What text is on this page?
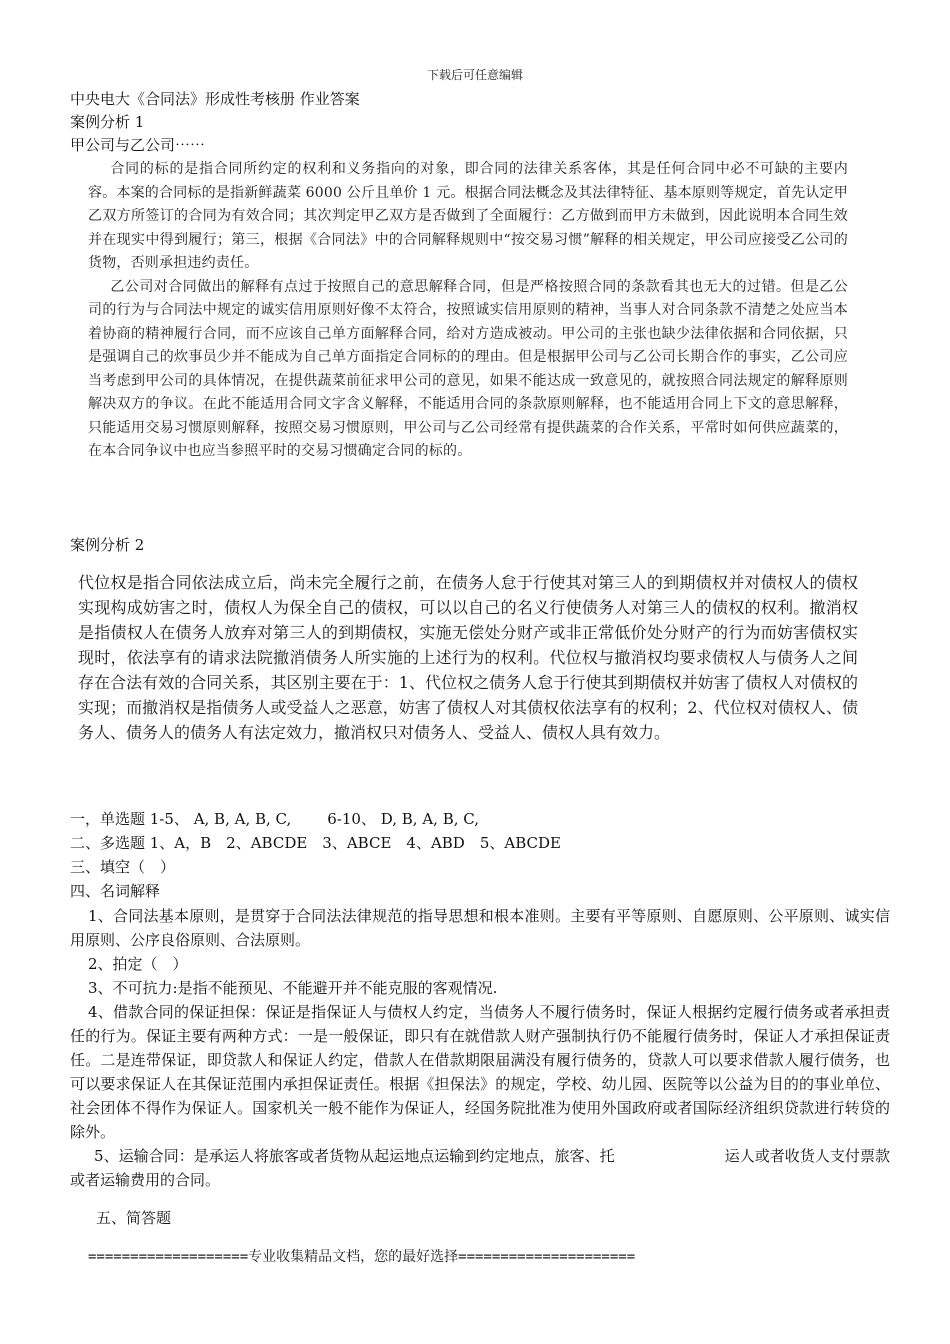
下载后可任意编辑
中央电大《合同法》形成性考核册 作业答案
案例分析 1
甲公司与乙公司⋯⋯

合同的标的是指合同所约定的权利和义务指向的对象，即合同的法律关系客体，其是任何合同中必不可缺的主要内容。本案的合同标的是指新鲜蔬菜 6000 公斤且单价 1 元。根据合同法概念及其法律特征、基本原则等规定，首先认定甲乙双方所签订的合同为有效合同；其次判定甲乙双方是否做到了全面履行：乙方做到而甲方未做到，因此说明本合同生效并在现实中得到履行；第三，根据《合同法》中的合同解释规则中“按交易习惯”解释的相关规定，甲公司应接受乙公司的货物，否则承担违约责任。

乙公司对合同做出的解释有点过于按照自己的意思解释合同，但是严格按照合同的条款看其也无大的过错。但是乙公司的行为与合同法中规定的诚实信用原则好像不太符合，按照诚实信用原则的精神，当事人对合同条款不清楚之处应当本着协商的精神履行合同，而不应该自己单方面解释合同，给对方造成被动。甲公司的主张也缺少法律依据和合同依据，只是强调自己的炊事员少并不能成为自己单方面指定合同标的的理由。但是根据甲公司与乙公司长期合作的事实，乙公司应当考虑到甲公司的具体情况，在提供蔬菜前征求甲公司的意见，如果不能达成一致意见的，就按照合同法规定的解释原则解决双方的争议。在此不能适用合同文字含义解释，不能适用合同的条款原则解释，也不能适用合同上下文的意思解释，只能适用交易习惯原则解释，按照交易习惯原则，甲公司与乙公司经常有提供蔬菜的合作关系，平常时如何供应蔬菜的，在本合同争议中也应当参照平时的交易习惯确定合同的标的。

案例分析 2

代位权是指合同依法成立后，尚未完全履行之前，在债务人怠于行使其对第三人的到期债权并对债权人的债权实现构成妨害之时，债权人为保全自己的债权，可以以自己的名义行使债务人对第三人的债权的权利。撤消权是指债权人在债务人放弃对第三人的到期债权，实施无偿处分财产或非正常低价处分财产的行为而妨害债权实现时，依法享有的请求法院撤消债务人所实施的上述行为的权利。代位权与撤消权均要求债权人与债务人之间存在合法有效的合同关系，其区别主要在于：1、代位权之债务人怠于行使其到期债权并妨害了债权人对债权的实现；而撤消权是指债务人或受益人之恶意，妨害了债权人对其债权依法享有的权利；2、代位权对债权人、债务人、债务人的债务人有法定效力，撤消权只对债务人、受益人、债权人具有效力。

一，单选题 1-5、 A, B, A, B, C, 6-10、 D, B, A, B, C,
二、多选题 1、A，B　2、ABCDE　3、ABCE　4、ABD　5、ABCDE
三、填空（　）
四、名词解释

1、合同法基本原则，是贯穿于合同法法律规范的指导思想和根本准则。主要有平等原则、自愿原则、公平原则、诚实信用原则、公序良俗原则、合法原则。

2、拍定（　）

3、不可抗力:是指不能预见、不能避开并不能克服的客观情况.

4、借款合同的保证担保：保证是指保证人与债权人约定，当债务人不履行债务时，保证人根据约定履行债务或者承担责任的行为。保证主要有两种方式：一是一般保证，即只有在就借款人财产强制执行仍不能履行债务时，保证人才承担保证责任。二是连带保证，即贷款人和保证人约定，借款人在借款期限届满没有履行债务的，贷款人可以要求借款人履行债务，也可以要求保证人在其保证范围内承担保证责任。根据《担保法》的规定，学校、幼儿园、医院等以公益为目的的事业单位、社会团体不得作为保证人。国家机关一般不能作为保证人，经国务院批准为使用外国政府或者国际经济组织贷款进行转贷的除外。

5、运输合同：是承运人将旅客或者货物从起运地点运输到约定地点，旅客、托	运人或者收货人支付票款或者运输费用的合同。

五、简答题
===================专业收集精品文档，您的最好选择=====================
